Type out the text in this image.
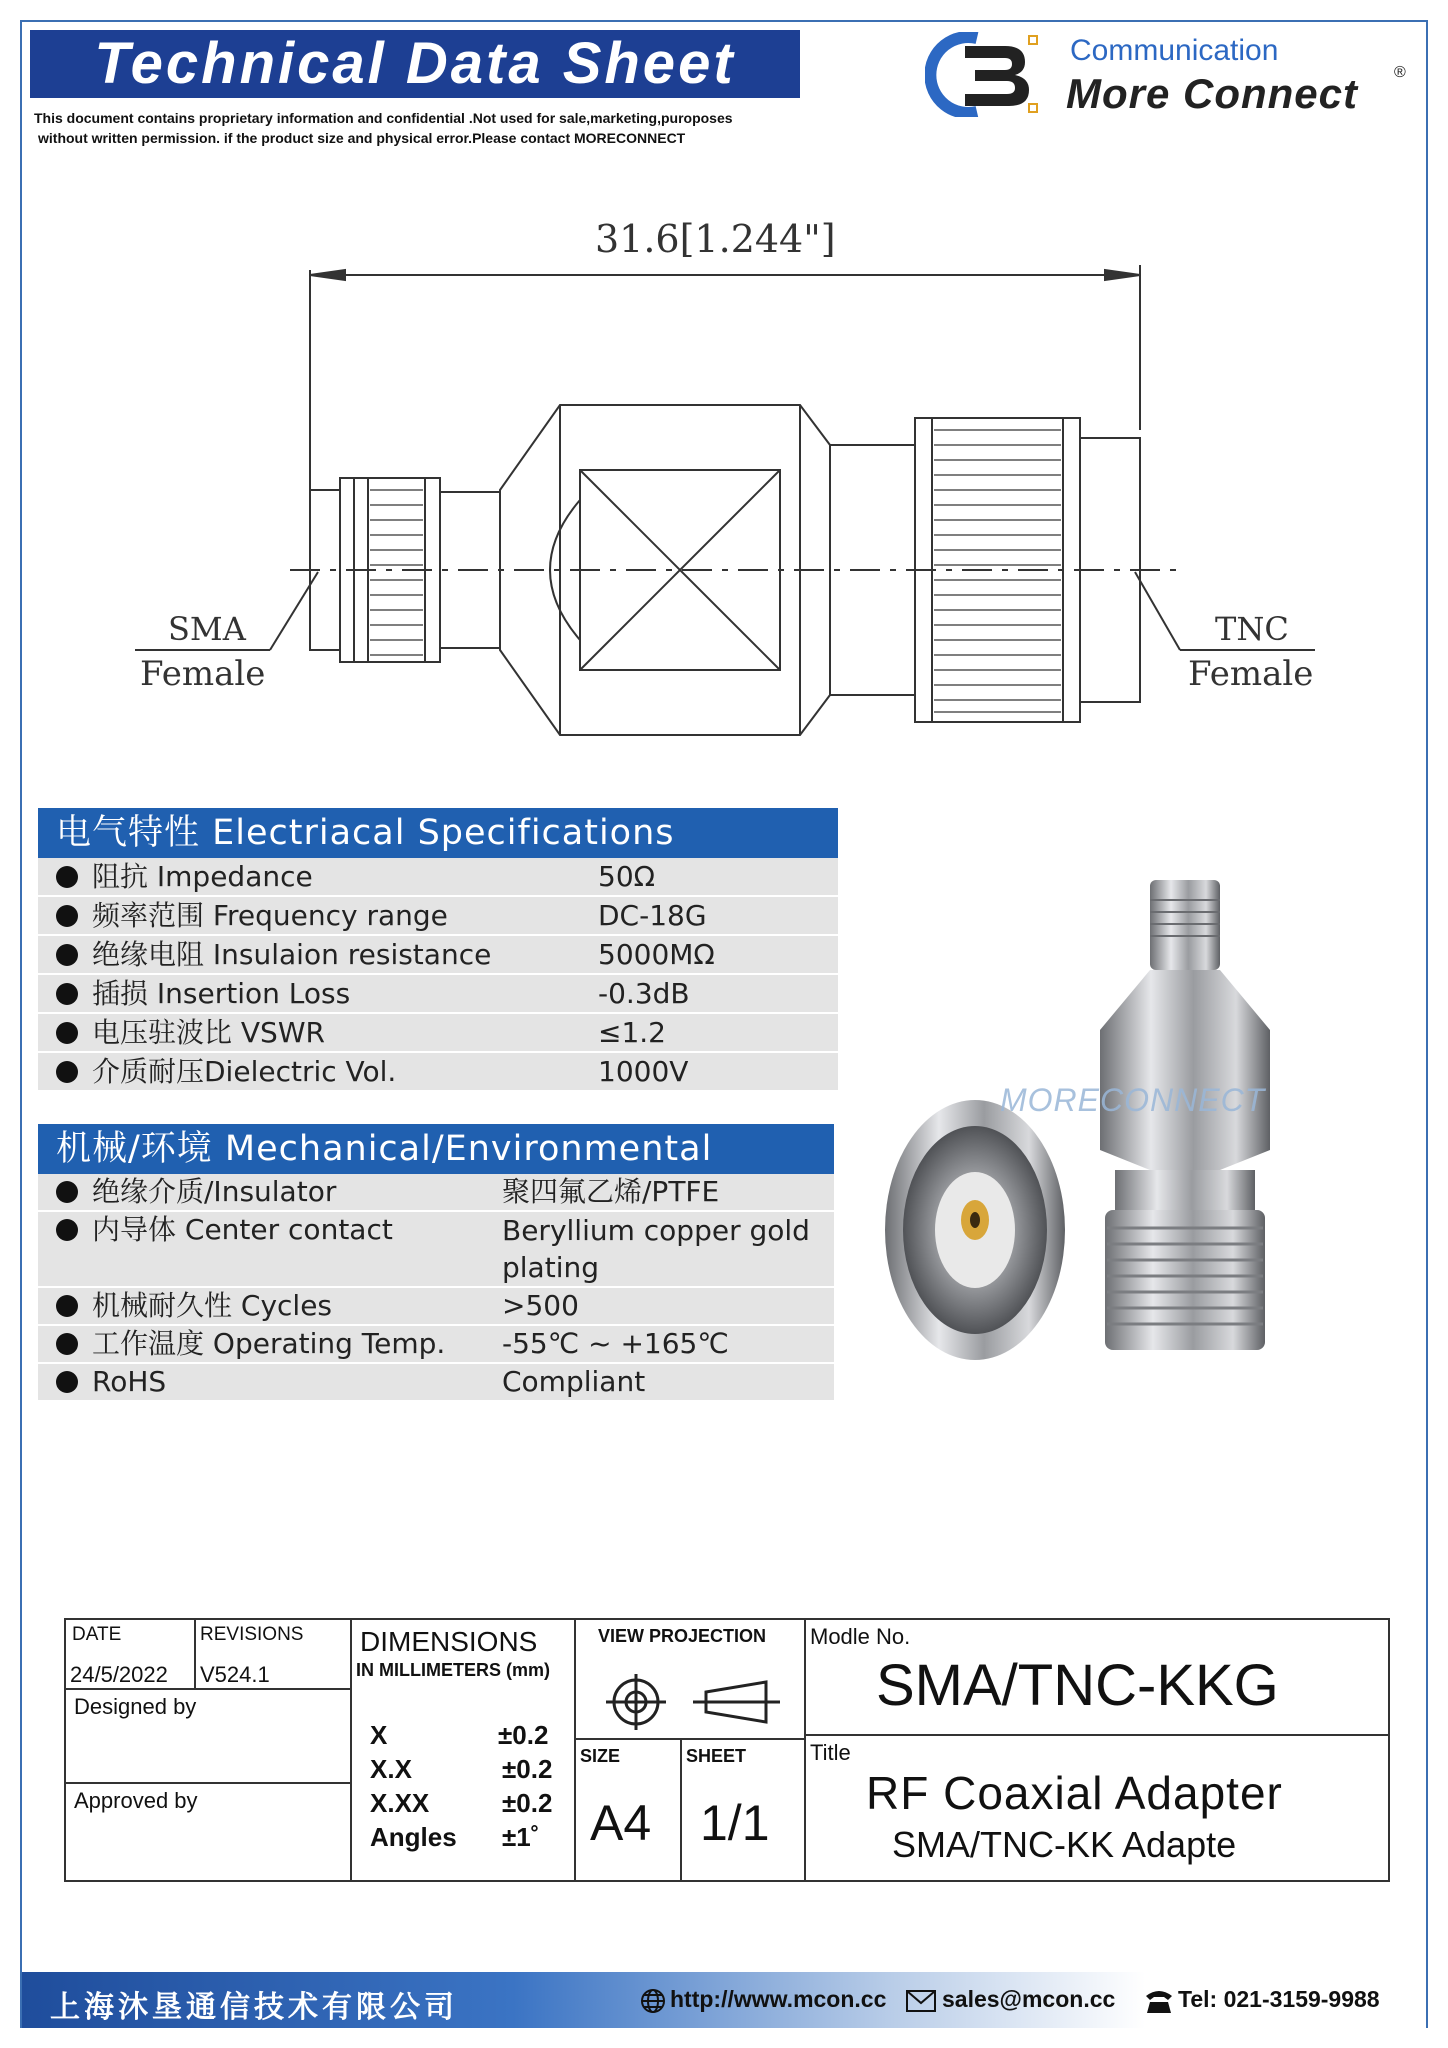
Technical Data Sheet
This document contains proprietary information and confidential .Not used for sale,marketing,puroposes
without written permission. if the product size and physical error.Please contact MORECONNECT
Communication
More Connect ®
31.6[1.244"]
SMA
Female
TNC
Female
电气特性 Electriacal Specifications
阻抗 Impedance	50Ω
频率范围 Frequency range	DC-18G
绝缘电阻 Insulaion resistance	5000MΩ
插损 Insertion Loss	-0.3dB
电压驻波比 VSWR	≤1.2
介质耐压Dielectric Vol.	1000V
机械/环境 Mechanical/Environmental
绝缘介质/Insulator	聚四氟乙烯/PTFE
内导体 Center contact	Beryllium copper gold plating
机械耐久性 Cycles	>500
工作温度 Operating Temp. -55℃ ~ +165℃
RoHS	Compliant
MORECONNECT
DATE
24/5/2022
REVISIONS
V524.1
Designed by
Approved by
DIMENSIONS
IN MILLIMETERS (mm)
X	±0.2
X.X	±0.2
X.XX	±0.2
Angles ±1˚
VIEW PROJECTION
SIZE
A4
SHEET
1/1
Modle No.
SMA/TNC-KKG
Title
RF Coaxial Adapter
SMA/TNC-KK Adapte
上海沐垦通信技术有限公司	http://www.mcon.cc sales@mcon.cc	Tel: 021-3159-9988
